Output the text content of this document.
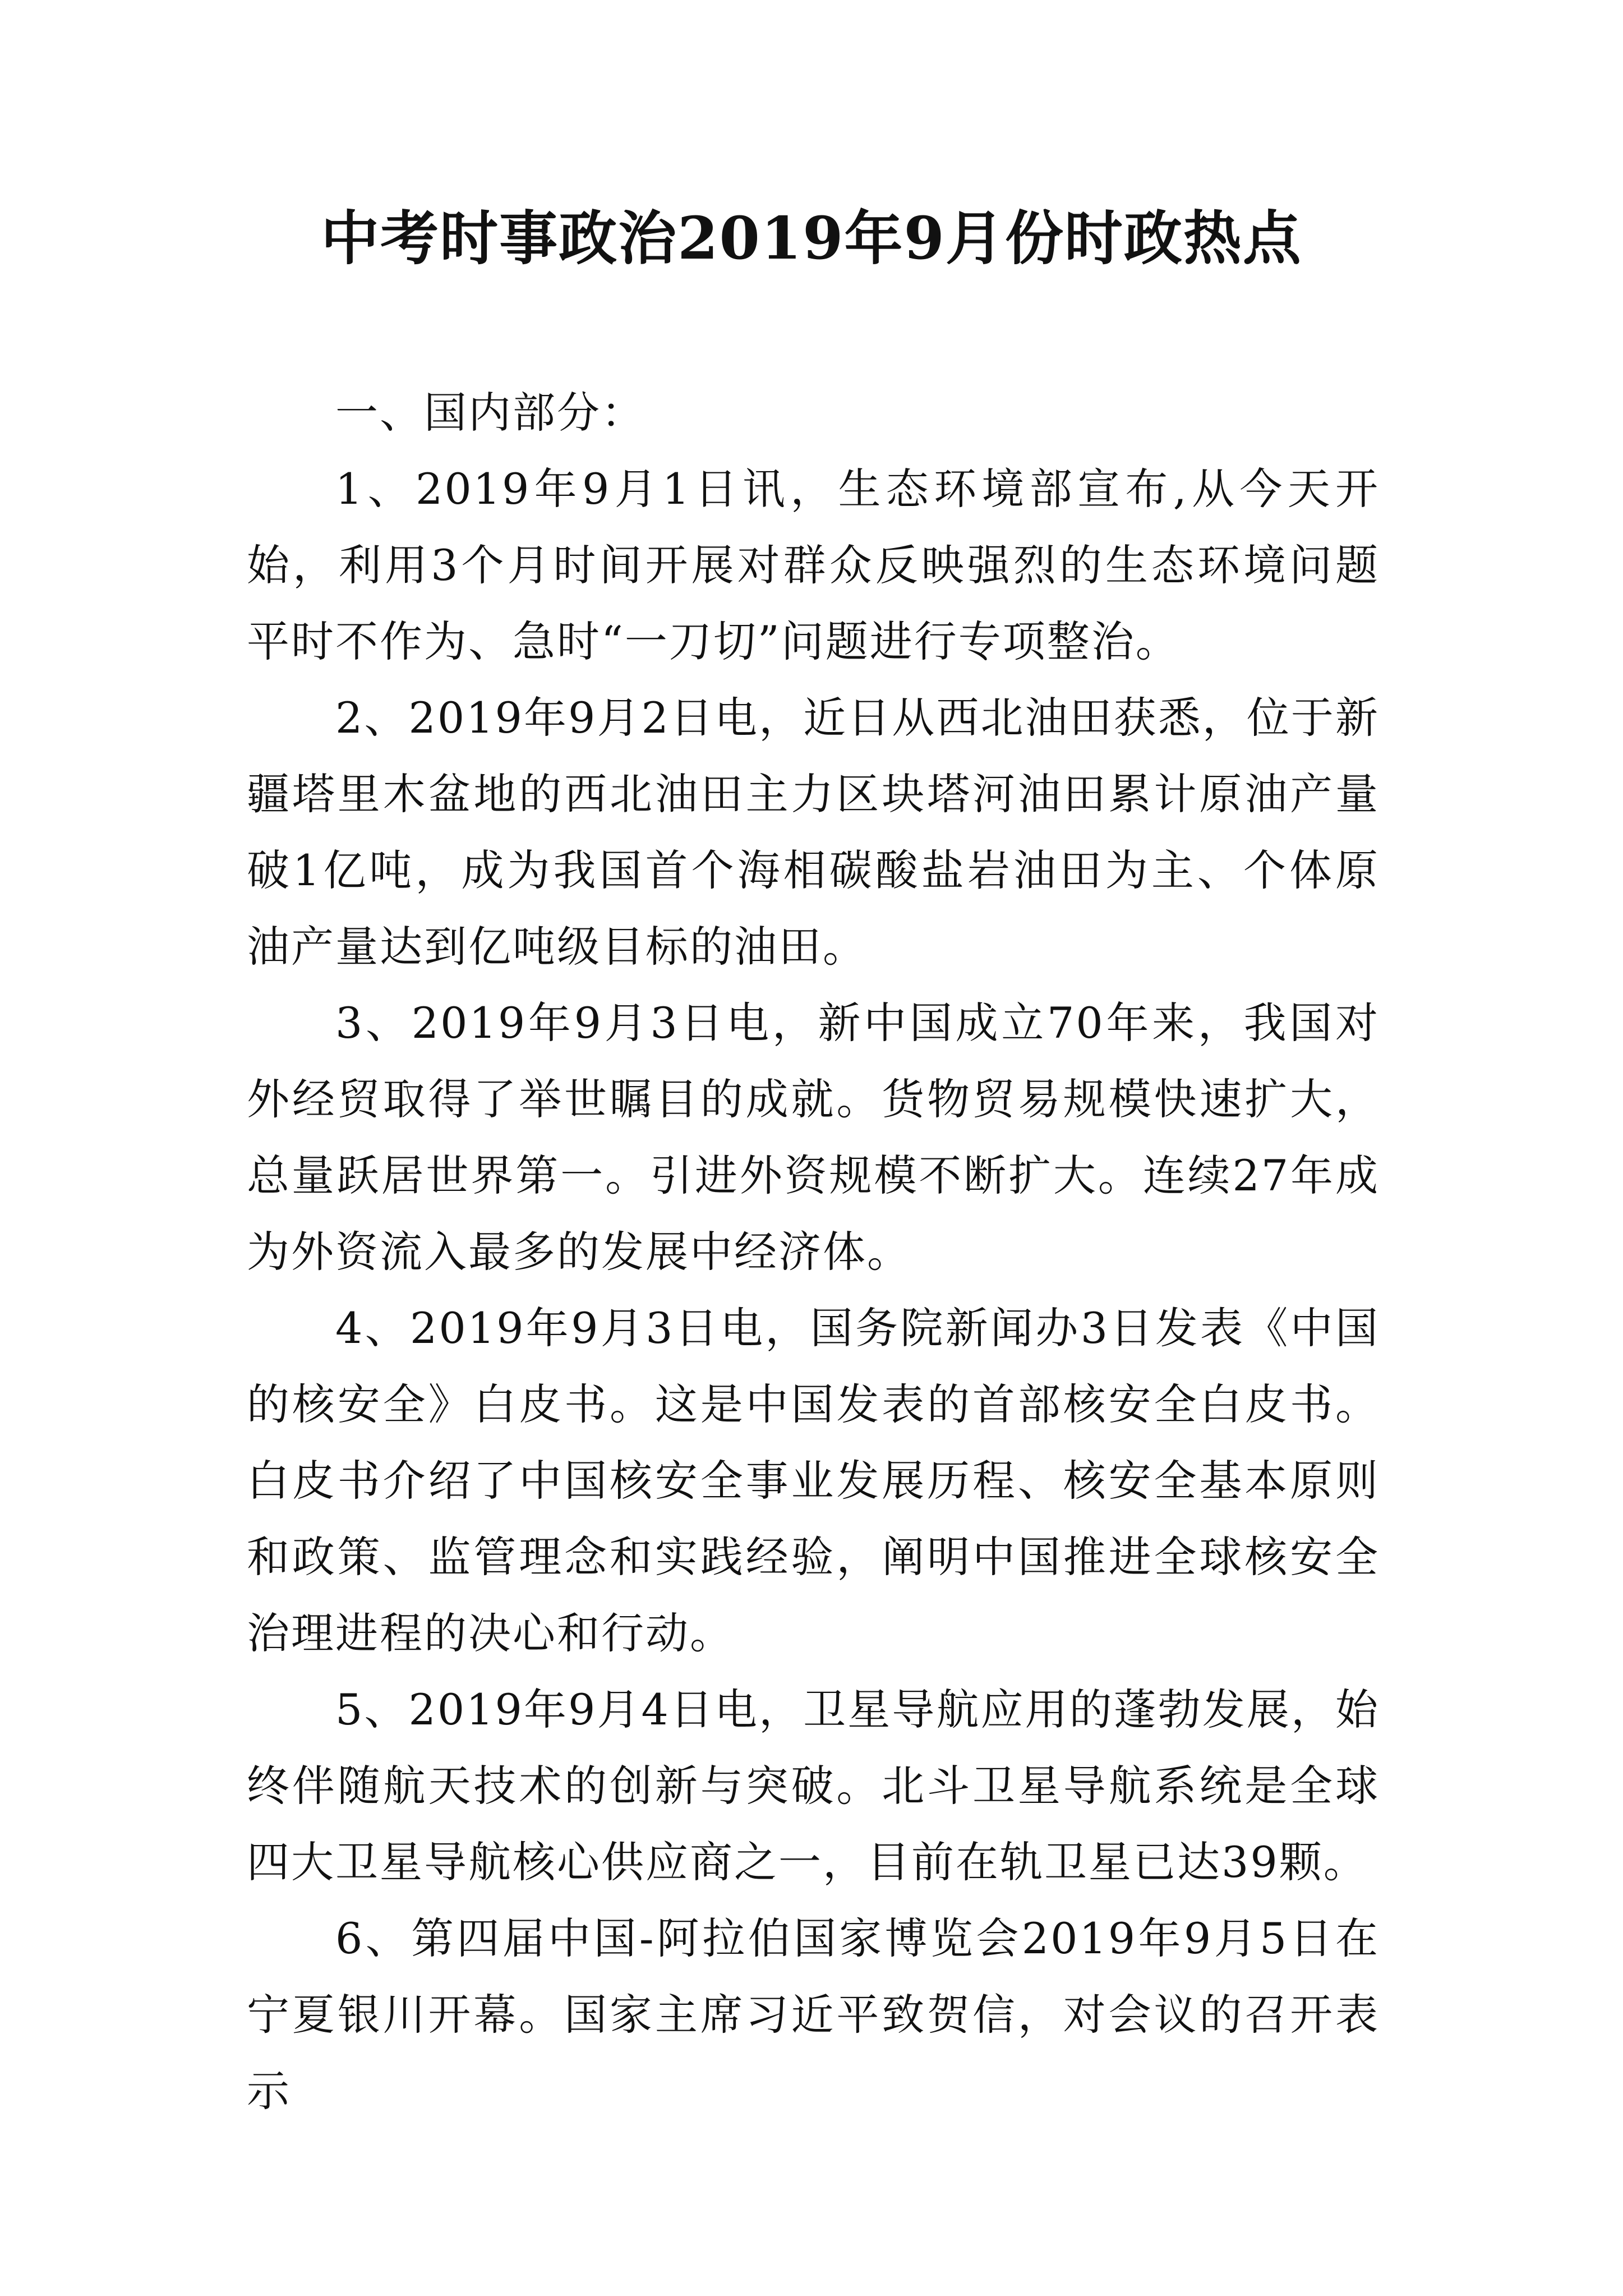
中考时事政治2019年9月份时政热点

一、国内部分：

1、2019年9月1日讯，生态环境部宣布,从今天开始，利用3个月时间开展对群众反映强烈的生态环境问题平时不作为、急时“一刀切”问题进行专项整治。

2、2019年9月2日电，近日从西北油田获悉，位于新疆塔里木盆地的西北油田主力区块塔河油田累计原油产量破1亿吨，成为我国首个海相碳酸盐岩油田为主、个体原油产量达到亿吨级目标的油田。

3、2019年9月3日电，新中国成立70年来，我国对外经贸取得了举世瞩目的成就。货物贸易规模快速扩大，总量跃居世界第一。引进外资规模不断扩大。连续27年成为外资流入最多的发展中经济体。

4、2019年9月3日电，国务院新闻办3日发表《中国的核安全》白皮书。这是中国发表的首部核安全白皮书。白皮书介绍了中国核安全事业发展历程、核安全基本原则和政策、监管理念和实践经验，阐明中国推进全球核安全治理进程的决心和行动。

5、2019年9月4日电，卫星导航应用的蓬勃发展，始终伴随航天技术的创新与突破。北斗卫星导航系统是全球四大卫星导航核心供应商之一，目前在轨卫星已达39颗。

6、第四届中国-阿拉伯国家博览会2019年9月5日在宁夏银川开幕。国家主席习近平致贺信，对会议的召开表示
